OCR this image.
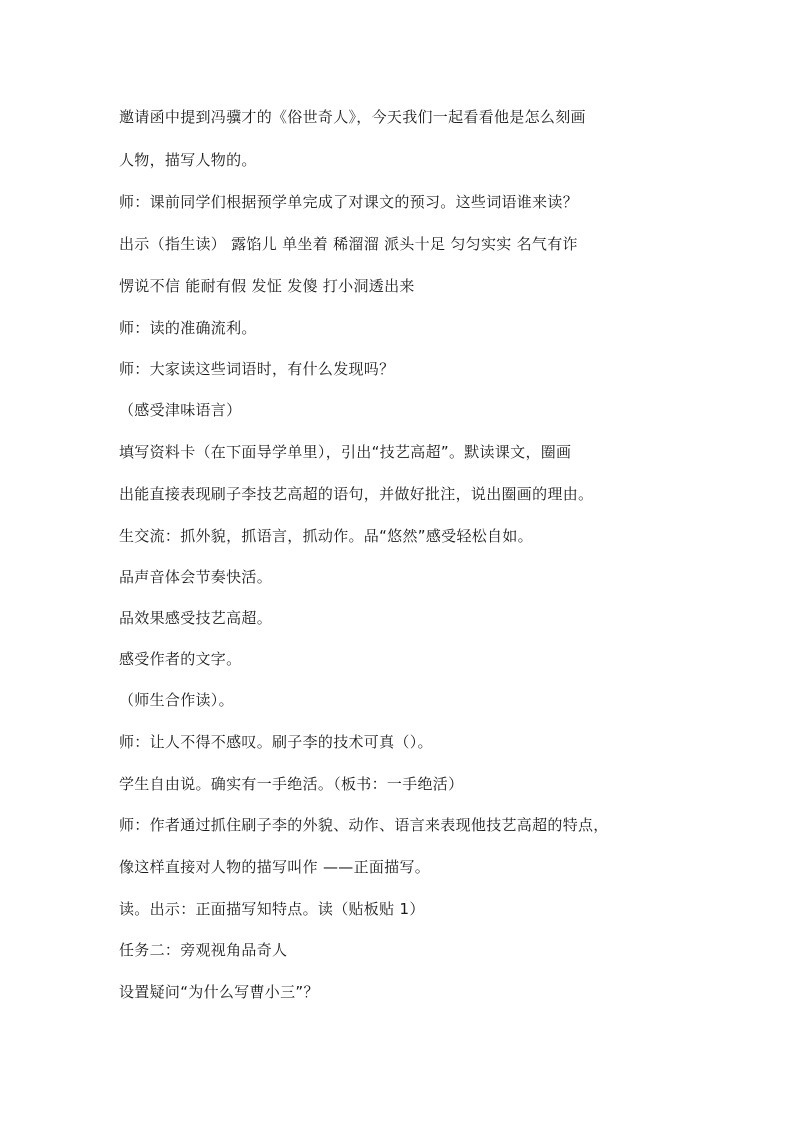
邀请函中提到冯骥才的《俗世奇人》，今天我们一起看看他是怎么刻画
人物，描写人物的。
师：课前同学们根据预学单完成了对课文的预习。这些词语谁来读？
出示（指生读） 露馅儿 单坐着 稀溜溜 派头十足 匀匀实实 名气有诈
愣说不信 能耐有假 发怔 发傻 打小洞透出来
师：读的准确流利。
师：大家读这些词语时，有什么发现吗？
（感受津味语言）
填写资料卡（在下面导学单里），引出“技艺高超”。默读课文，圈画
出能直接表现刷子李技艺高超的语句，并做好批注，说出圈画的理由。
生交流：抓外貌，抓语言，抓动作。品“悠然”感受轻松自如。
品声音体会节奏快活。
品效果感受技艺高超。
感受作者的文字。
（师生合作读）。
师：让人不得不感叹。刷子李的技术可真（）。
学生自由说。确实有一手绝活。（板书：一手绝活）
师：作者通过抓住刷子李的外貌、动作、语言来表现他技艺高超的特点，
像这样直接对人物的描写叫作 ——正面描写。
读。出示：正面描写知特点。读（贴板贴 1）
任务二：旁观视角品奇人
设置疑问“为什么写曹小三”？
